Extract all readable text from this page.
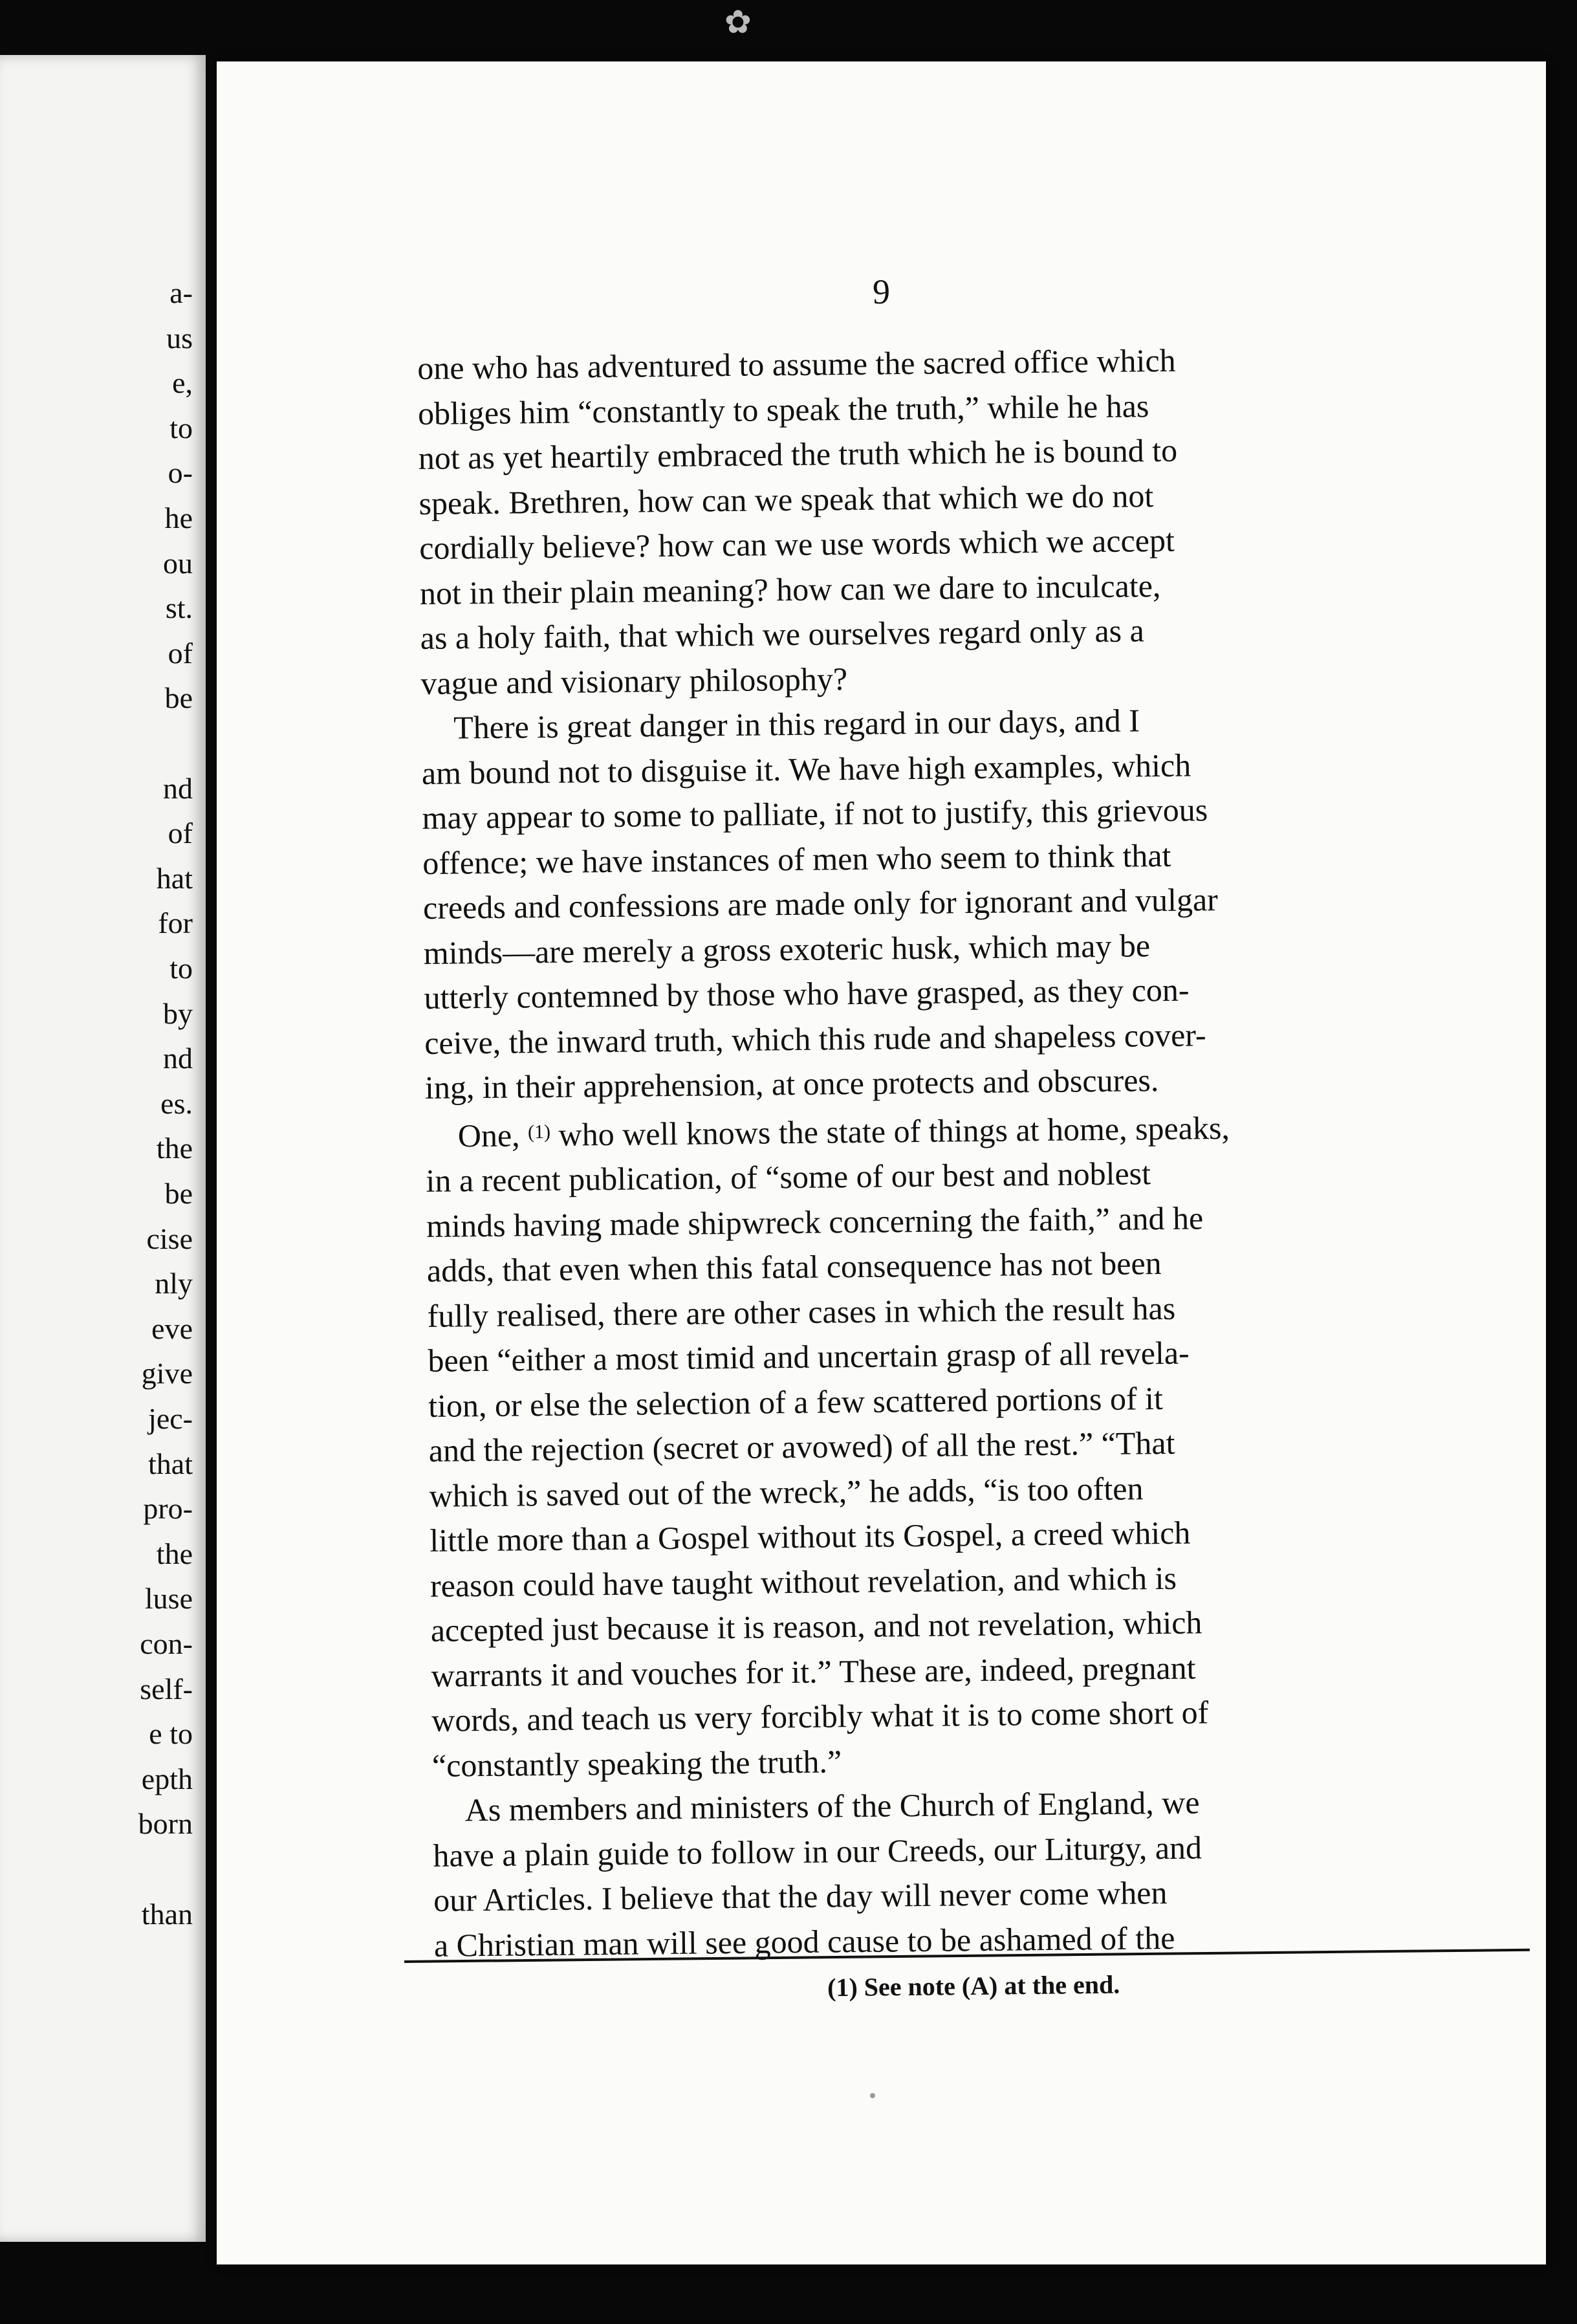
a-
us
e,
to
o-
he
ou
st.
of
be
nd
of
hat
for
to
by
nd
es.
the
be
cise
nly
eve
give
jec-
that
pro-
the
luse
con-
self-
e to
epth
born
than
✿
9

one who has adventured to assume the sacred office which
obliges him “constantly to speak the truth,” while he has
not as yet heartily embraced the truth which he is bound to
speak. Brethren, how can we speak that which we do not
cordially believe? how can we use words which we accept
not in their plain meaning? how can we dare to inculcate,
as a holy faith, that which we ourselves regard only as a
vague and visionary philosophy?

There is great danger in this regard in our days, and I
am bound not to disguise it. We have high examples, which
may appear to some to palliate, if not to justify, this grievous
offence; we have instances of men who seem to think that
creeds and confessions are made only for ignorant and vulgar
minds—are merely a gross exoteric husk, which may be
utterly contemned by those who have grasped, as they con-
ceive, the inward truth, which this rude and shapeless cover-
ing, in their apprehension, at once protects and obscures.

One, $^{(1)}$ who well knows the state of things at home, speaks,
in a recent publication, of “some of our best and noblest
minds having made shipwreck concerning the faith,” and he
adds, that even when this fatal consequence has not been
fully realised, there are other cases in which the result has
been “either a most timid and uncertain grasp of all revela-
tion, or else the selection of a few scattered portions of it
and the rejection (secret or avowed) of all the rest.” “That
which is saved out of the wreck,” he adds, “is too often
little more than a Gospel without its Gospel, a creed which
reason could have taught without revelation, and which is
accepted just because it is reason, and not revelation, which
warrants it and vouches for it.” These are, indeed, pregnant
words, and teach us very forcibly what it is to come short of
“constantly speaking the truth.”

As members and ministers of the Church of England, we
have a plain guide to follow in our Creeds, our Liturgy, and
our Articles. I believe that the day will never come when
a Christian man will see good cause to be ashamed of the

(1) See note (A) at the end.
